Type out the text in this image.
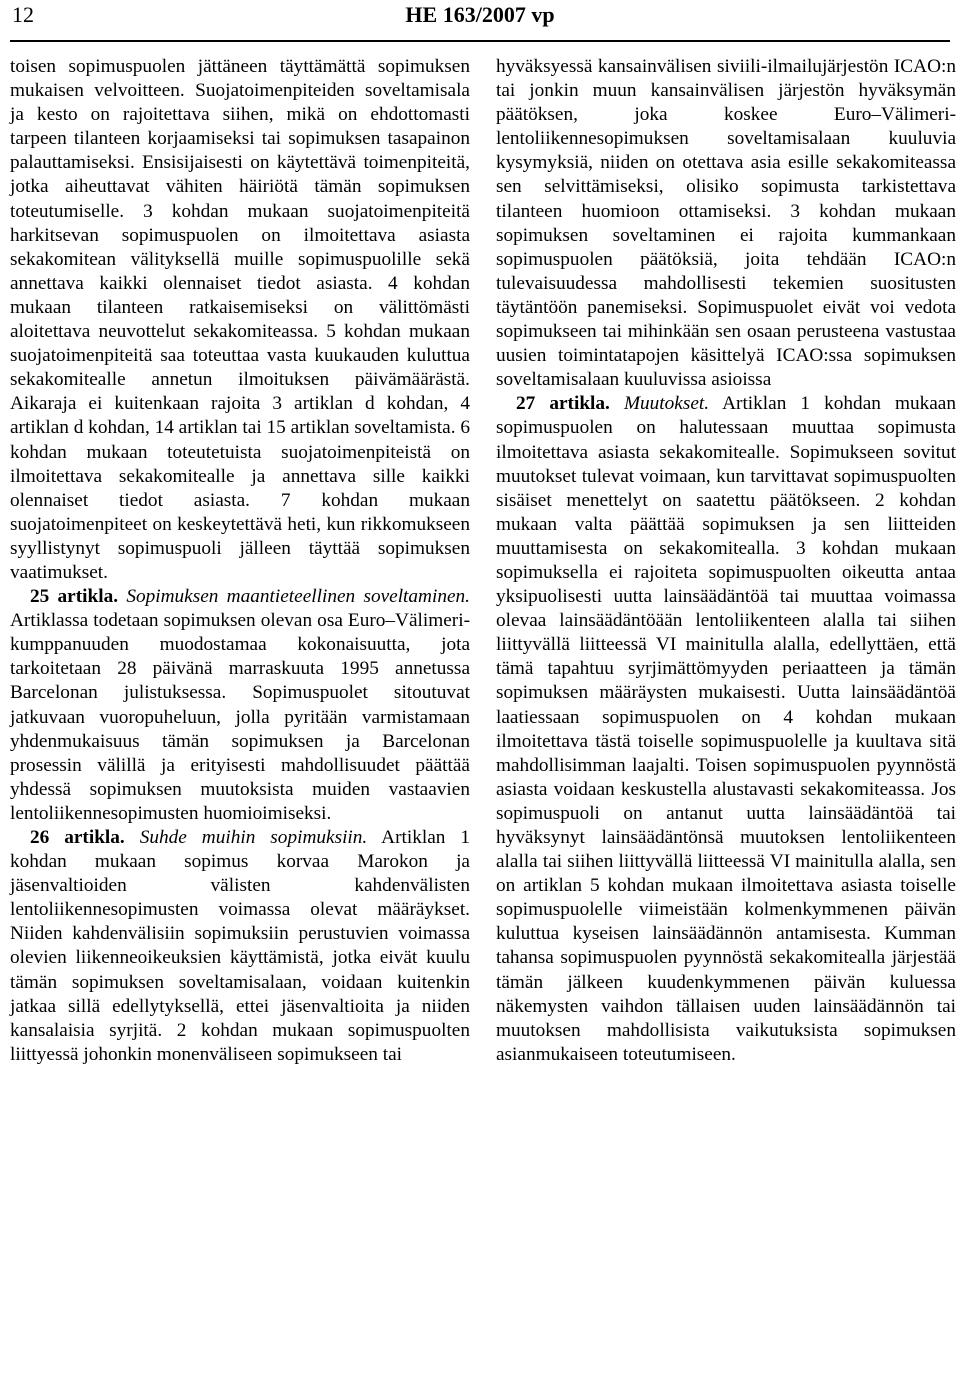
12	HE 163/2007 vp

toisen sopimuspuolen jättäneen täyttämättä sopimuksen mukaisen velvoitteen. Suojatoimenpiteiden soveltamisala ja kesto on rajoitettava siihen, mikä on ehdottomasti tarpeen tilanteen korjaamiseksi tai sopimuksen tasapainon palauttamiseksi. Ensisijaisesti on käytettävä toimenpiteitä, jotka aiheuttavat vähiten häiriötä tämän sopimuksen toteutumiselle. 3 kohdan mukaan suojatoimenpiteitä harkitsevan sopimuspuolen on ilmoitettava asiasta sekakomitean välityksellä muille sopimuspuolille sekä annettava kaikki olennaiset tiedot asiasta. 4 kohdan mukaan tilanteen ratkaisemiseksi on välittömästi aloitettava neuvottelut sekakomiteassa. 5 kohdan mukaan suojatoimenpiteitä saa toteuttaa vasta kuukauden kuluttua sekakomitealle annetun ilmoituksen päivämäärästä. Aikaraja ei kuitenkaan rajoita 3 artiklan d kohdan, 4 artiklan d kohdan, 14 artiklan tai 15 artiklan soveltamista. 6 kohdan mukaan toteutetuista suojatoimenpiteistä on ilmoitettava sekakomitealle ja annettava sille kaikki olennaiset tiedot asiasta. 7 kohdan mukaan suojatoimenpiteet on keskeytettävä heti, kun rikkomukseen syyllistynyt sopimuspuoli jälleen täyttää sopimuksen vaatimukset.

25 artikla. Sopimuksen maantieteellinen soveltaminen. Artiklassa todetaan sopimuksen olevan osa Euro–Välimeri-kumppanuuden muodostamaa kokonaisuutta, jota tarkoitetaan 28 päivänä marraskuuta 1995 annetussa Barcelonan julistuksessa. Sopimuspuolet sitoutuvat jatkuvaan vuoropuheluun, jolla pyritään varmistamaan yhdenmukaisuus tämän sopimuksen ja Barcelonan prosessin välillä ja erityisesti mahdollisuudet päättää yhdessä sopimuksen muutoksista muiden vastaavien lentoliikennesopimusten huomioimiseksi.

26 artikla. Suhde muihin sopimuksiin. Artiklan 1 kohdan mukaan sopimus korvaa Marokon ja jäsenvaltioiden välisten kahdenvälisten lentoliikennesopimusten voimassa olevat määräykset. Niiden kahdenvälisiin sopimuksiin perustuvien voimassa olevien liikenneoikeuksien käyttämistä, jotka eivät kuulu tämän sopimuksen soveltamisalaan, voidaan kuitenkin jatkaa sillä edellytyksellä, ettei jäsenvaltioita ja niiden kansalaisia syrjitä. 2 kohdan mukaan sopimuspuolten liittyessä johonkin monenväliseen sopimukseen tai

hyväksyessä kansainvälisen siviili-ilmailujärjestön ICAO:n tai jonkin muun kansainvälisen järjestön hyväksymän päätöksen, joka koskee Euro–Välimeri-lentoliikennesopimuksen soveltamisalaan kuuluvia kysymyksiä, niiden on otettava asia esille sekakomiteassa sen selvittämiseksi, olisiko sopimusta tarkistettava tilanteen huomioon ottamiseksi. 3 kohdan mukaan sopimuksen soveltaminen ei rajoita kummankaan sopimuspuolen päätöksiä, joita tehdään ICAO:n tulevaisuudessa mahdollisesti tekemien suositusten täytäntöön panemiseksi. Sopimuspuolet eivät voi vedota sopimukseen tai mihinkään sen osaan perusteena vastustaa uusien toimintatapojen käsittelyä ICAO:ssa sopimuksen soveltamisalaan kuuluvissa asioissa

27 artikla. Muutokset. Artiklan 1 kohdan mukaan sopimuspuolen on halutessaan muuttaa sopimusta ilmoitettava asiasta sekakomitealle. Sopimukseen sovitut muutokset tulevat voimaan, kun tarvittavat sopimuspuolten sisäiset menettelyt on saatettu päätökseen. 2 kohdan mukaan valta päättää sopimuksen ja sen liitteiden muuttamisesta on sekakomitealla. 3 kohdan mukaan sopimuksella ei rajoiteta sopimuspuolten oikeutta antaa yksipuolisesti uutta lainsäädäntöä tai muuttaa voimassa olevaa lainsäädäntöään lentoliikenteen alalla tai siihen liittyvällä liitteessä VI mainitulla alalla, edellyttäen, että tämä tapahtuu syrjimättömyyden periaatteen ja tämän sopimuksen määräysten mukaisesti. Uutta lainsäädäntöä laatiessaan sopimuspuolen on 4 kohdan mukaan ilmoitettava tästä toiselle sopimuspuolelle ja kuultava sitä mahdollisimman laajalti. Toisen sopimuspuolen pyynnöstä asiasta voidaan keskustella alustavasti sekakomiteassa. Jos sopimuspuoli on antanut uutta lainsäädäntöä tai hyväksynyt lainsäädäntönsä muutoksen lentoliikenteen alalla tai siihen liittyvällä liitteessä VI mainitulla alalla, sen on artiklan 5 kohdan mukaan ilmoitettava asiasta toiselle sopimuspuolelle viimeistään kolmenkymmenen päivän kuluttua kyseisen lainsäädännön antamisesta. Kumman tahansa sopimuspuolen pyynnöstä sekakomitealla järjestää tämän jälkeen kuudenkymmenen päivän kuluessa näkemysten vaihdon tällaisen uuden lainsäädännön tai muutoksen mahdollisista vaikutuksista sopimuksen asianmukaiseen toteutumiseen.
